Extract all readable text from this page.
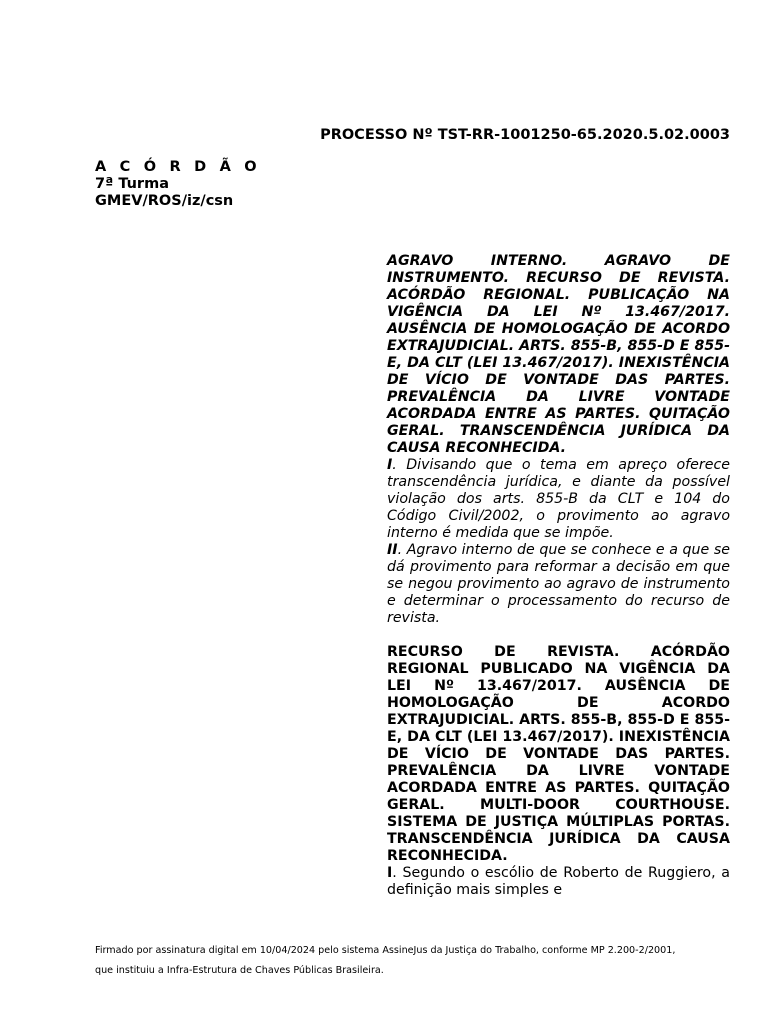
PROCESSO Nº TST-RR-1001250-65.2020.5.02.0003
A C Ó R D Ã O
7ª Turma
GMEV/ROS/iz/csn

AGRAVO INTERNO. AGRAVO DE INSTRUMENTO. RECURSO DE REVISTA. ACÓRDÃO REGIONAL. PUBLICAÇÃO NA VIGÊNCIA DA LEI Nº 13.467/2017. AUSÊNCIA DE HOMOLOGAÇÃO DE ACORDO EXTRAJUDICIAL. ARTS. 855-B, 855-D E 855-E, DA CLT (LEI 13.467/2017). INEXISTÊNCIA DE VÍCIO DE VONTADE DAS PARTES. PREVALÊNCIA DA LIVRE VONTADE ACORDADA ENTRE AS PARTES. QUITAÇÃO GERAL. TRANSCENDÊNCIA JURÍDICA DA CAUSA RECONHECIDA.

I. Divisando que o tema em apreço oferece transcendência jurídica, e diante da possível violação dos arts. 855-B da CLT e 104 do Código Civil/2002, o provimento ao agravo interno é medida que se impõe.

II. Agravo interno de que se conhece e a que se dá provimento para reformar a decisão em que se negou provimento ao agravo de instrumento e determinar o processamento do recurso de revista.

RECURSO DE REVISTA. ACÓRDÃO REGIONAL PUBLICADO NA VIGÊNCIA DA LEI Nº 13.467/2017. AUSÊNCIA DE HOMOLOGAÇÃO DE ACORDO EXTRAJUDICIAL. ARTS. 855-B, 855-D E 855-E, DA CLT (LEI 13.467/2017). INEXISTÊNCIA DE VÍCIO DE VONTADE DAS PARTES. PREVALÊNCIA DA LIVRE VONTADE ACORDADA ENTRE AS PARTES. QUITAÇÃO GERAL. MULTI-DOOR COURTHOUSE. SISTEMA DE JUSTIÇA MÚLTIPLAS PORTAS. TRANSCENDÊNCIA JURÍDICA DA CAUSA RECONHECIDA.

I. Segundo o escólio de Roberto de Ruggiero, a definição mais simples e

Firmado por assinatura digital em 10/04/2024 pelo sistema AssineJus da Justiça do Trabalho, conforme MP 2.200-2/2001,

que instituiu a Infra-Estrutura de Chaves Públicas Brasileira.
